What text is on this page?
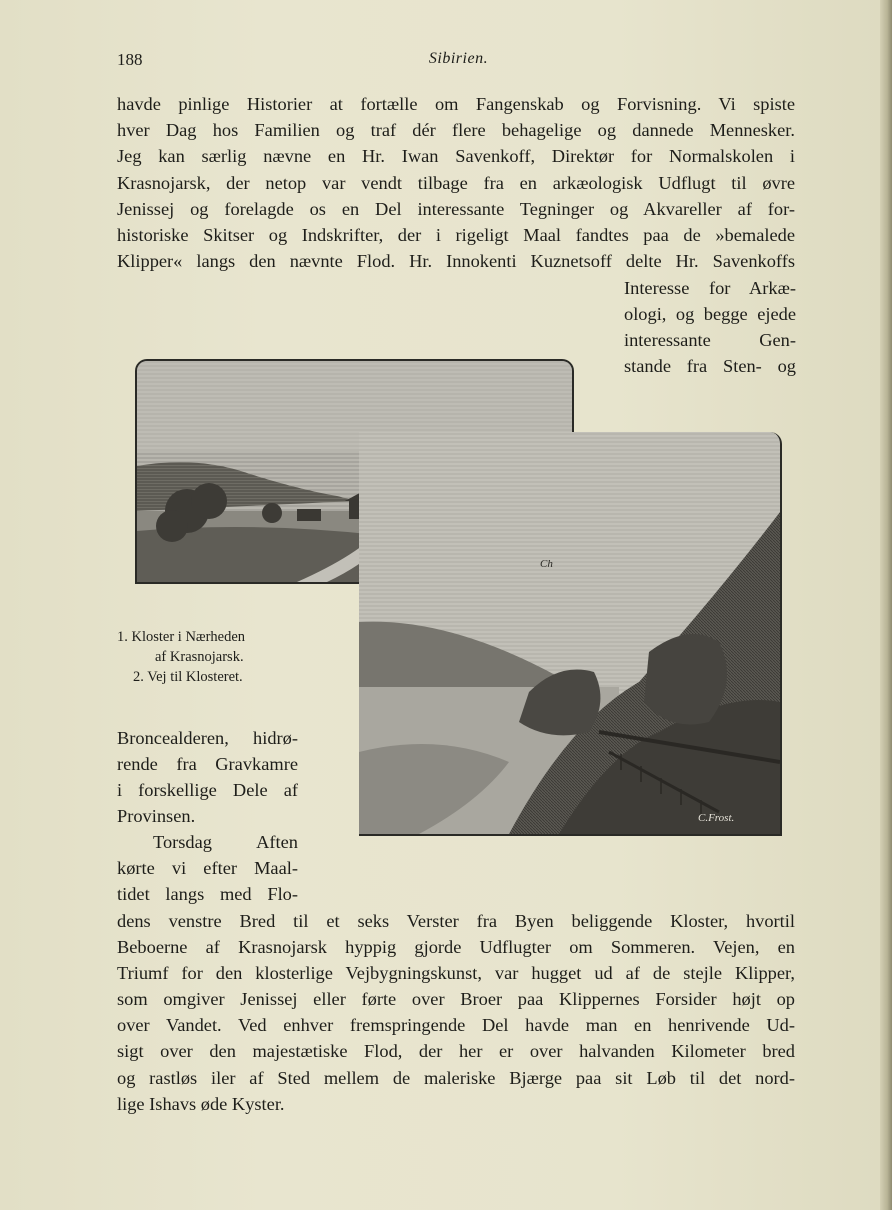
188	Sibirien.
havde pinlige Historier at fortælle om Fangenskab og Forvisning. Vi spiste
hver Dag hos Familien og traf dér flere behagelige og dannede Mennesker.
Jeg kan særlig nævne en Hr. Iwan Savenkoff, Direktør for Normalskolen i
Krasnojarsk, der netop var vendt tilbage fra en arkæologisk Udflugt til øvre
Jenissej og forelagde os en Del interessante Tegninger og Akvareller af for-
historiske Skitser og Indskrifter, der i rigeligt Maal fandtes paa de »bemalede
Klipper« langs den nævnte Flod. Hr. Innokenti Kuznetsoff delte Hr. Savenkoffs
Interesse for Arkæ-
ologi, og begge ejede
interessante Gen-
stande fra Sten- og
Ch
C.Frost.
1. Kloster i Nærheden
af Krasnojarsk.
2. Vej til Klosteret.
Broncealderen, hidrø-
rende fra Gravkamre
i forskellige Dele af
Provinsen.
Torsdag Aften
kørte vi efter Maal-
tidet langs med Flo-
dens venstre Bred til et seks Verster fra Byen beliggende Kloster, hvortil
Beboerne af Krasnojarsk hyppig gjorde Udflugter om Sommeren. Vejen, en
Triumf for den klosterlige Vejbygningskunst, var hugget ud af de stejle Klipper,
som omgiver Jenissej eller førte over Broer paa Klippernes Forsider højt op
over Vandet. Ved enhver fremspringende Del havde man en henrivende Ud-
sigt over den majestætiske Flod, der her er over halvanden Kilometer bred
og rastløs iler af Sted mellem de maleriske Bjærge paa sit Løb til det nord-
lige Ishavs øde Kyster.
